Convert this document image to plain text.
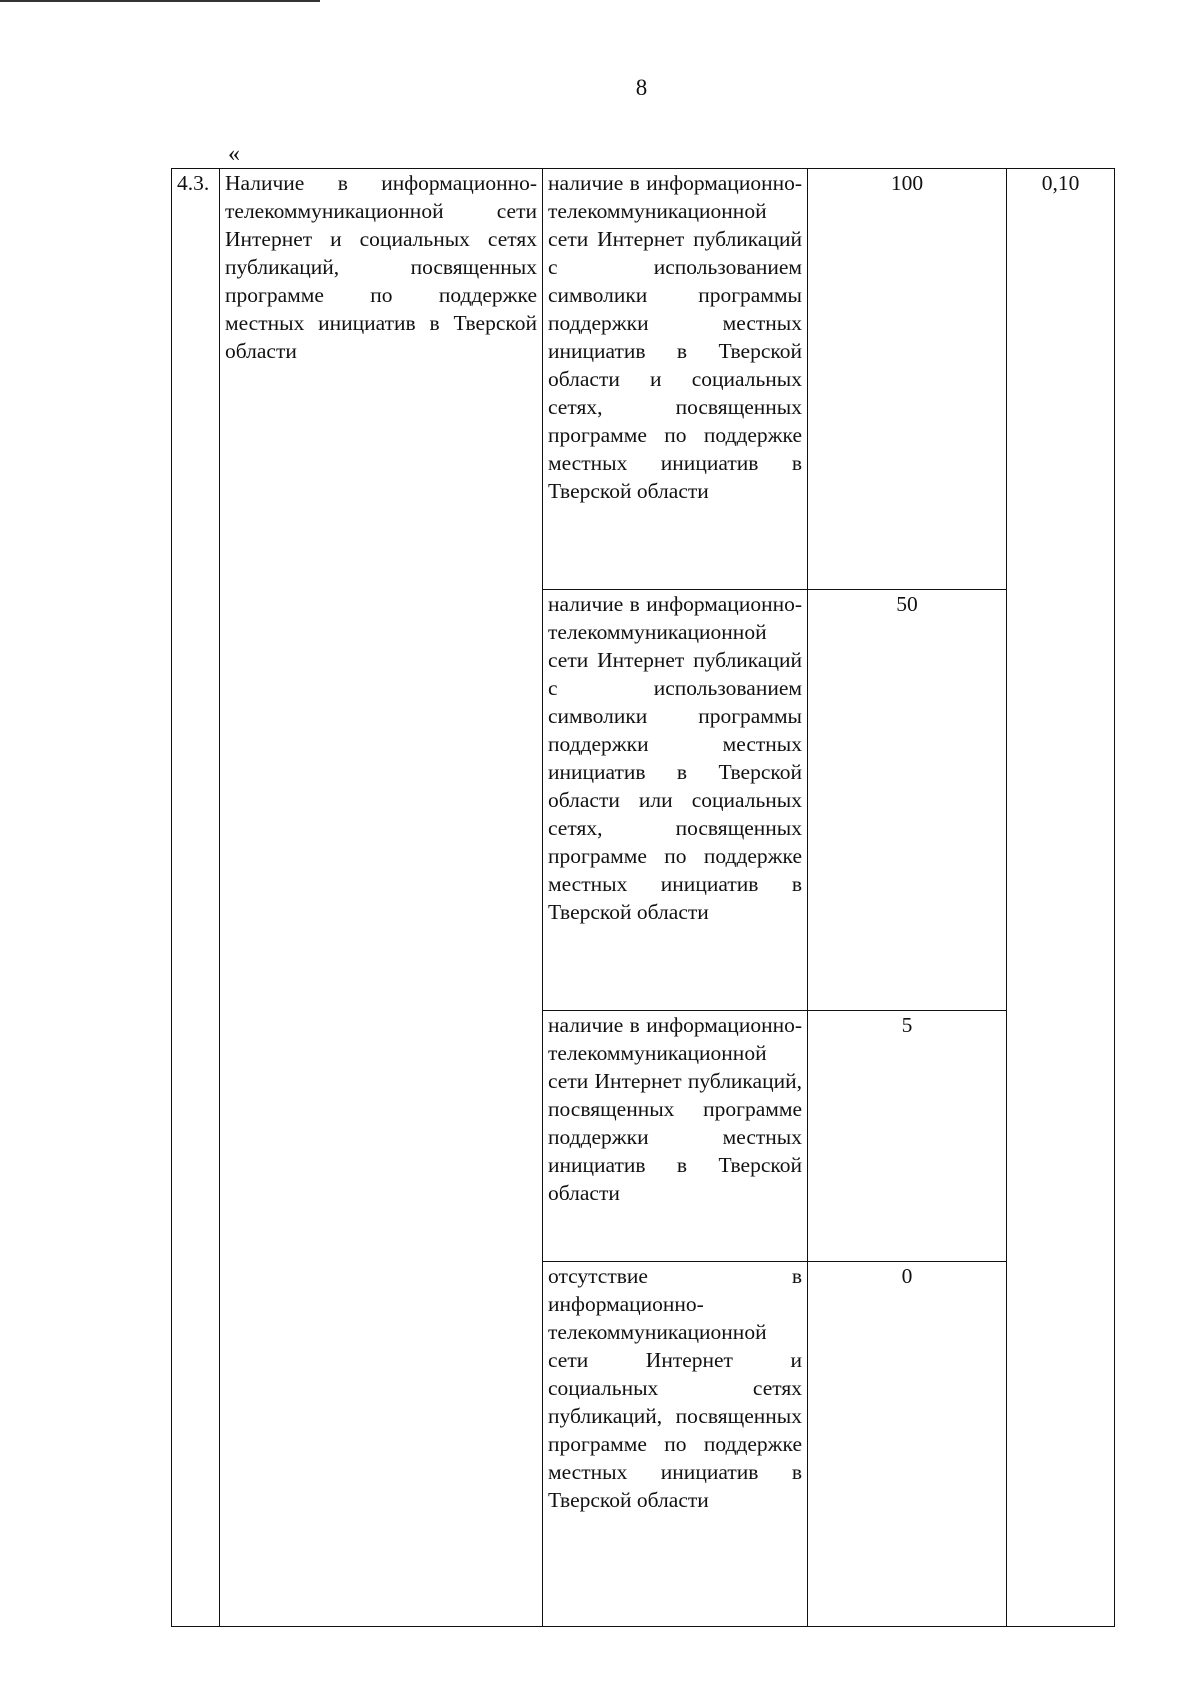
8
«
4.3.	Наличие в информационно-телекоммуникационной сети Интернет и социальных сетях публикаций, посвященных программе по поддержке местных инициатив в Тверской области	наличие в информационно-телекоммуникационной сети Интернет публикаций с использованием символики программы поддержки местных инициатив в Тверской области и социальных сетях, посвященных программе по поддержке местных инициатив в Тверской области	100	0,10
		наличие в информационно-телекоммуникационной сети Интернет публикаций с использованием символики программы поддержки местных инициатив в Тверской области или социальных сетях, посвященных программе по поддержке местных инициатив в Тверской области	50	
		наличие в информационно-телекоммуникационной сети Интернет публикаций, посвященных программе поддержки местных инициатив в Тверской области	5	
		отсутствие в информационно-телекоммуникационной сети Интернет и социальных сетях публикаций, посвященных программе по поддержке местных инициатив в Тверской области	0	
